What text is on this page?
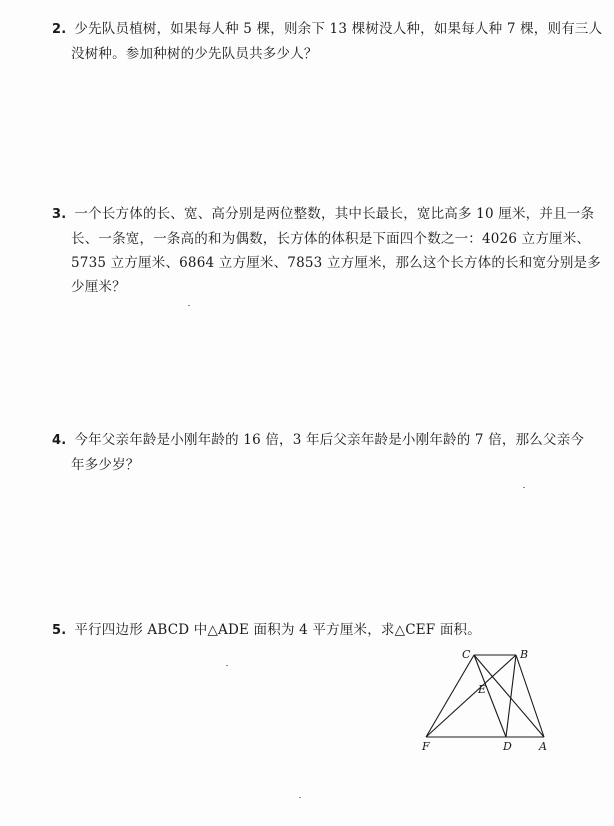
2. 少先队员植树，如果每人种 5 棵，则余下 13 棵树没人种，如果每人种 7 棵，则有三人
没树种。参加种树的少先队员共多少人？
3. 一个长方体的长、宽、高分别是两位整数，其中长最长，宽比高多 10 厘米，并且一条
长、一条宽，一条高的和为偶数，长方体的体积是下面四个数之一：4026 立方厘米、
5735 立方厘米、6864 立方厘米、7853 立方厘米，那么这个长方体的长和宽分别是多
少厘米？
4. 今年父亲年龄是小刚年龄的 16 倍，3 年后父亲年龄是小刚年龄的 7 倍，那么父亲今
年多少岁？
5. 平行四边形 ABCD 中△ADE 面积为 4 平方厘米，求△CEF 面积。
C	B
E
F	D A
